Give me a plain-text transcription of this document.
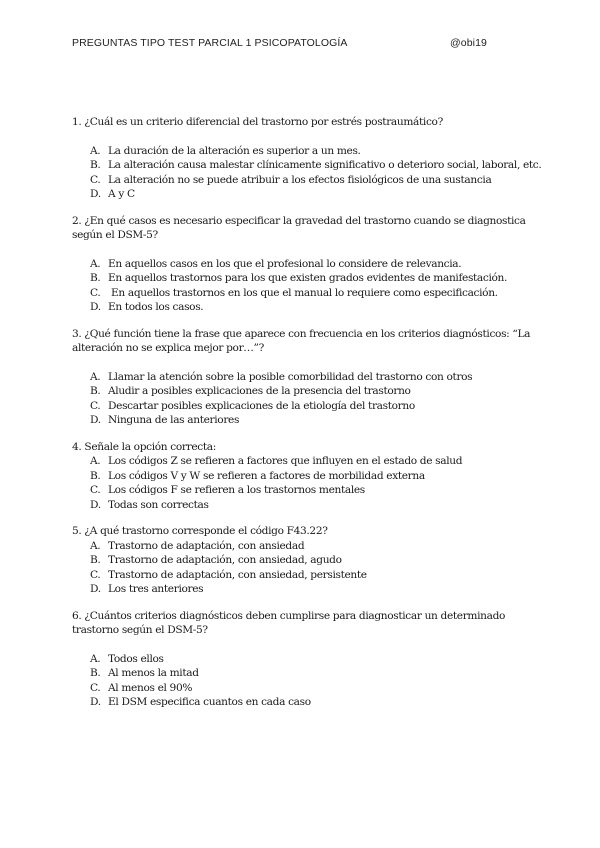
PREGUNTAS TIPO TEST PARCIAL 1 PSICOPATOLOGÍA	@obi19

1. ¿Cuál es un criterio diferencial del trastorno por estrés postraumático?

A. La duración de la alteración es superior a un mes.
B. La alteración causa malestar clínicamente significativo o deterioro social, laboral, etc.
C. La alteración no se puede atribuir a los efectos fisiológicos de una sustancia
D. A y C

2. ¿En qué casos es necesario especificar la gravedad del trastorno cuando se diagnostica según el DSM-5?

A. En aquellos casos en los que el profesional lo considere de relevancia.
B. En aquellos trastornos para los que existen grados evidentes de manifestación.
C. En aquellos trastornos en los que el manual lo requiere como especificación.
D. En todos los casos.

3. ¿Qué función tiene la frase que aparece con frecuencia en los criterios diagnósticos: “La alteración no se explica mejor por…”?

A. Llamar la atención sobre la posible comorbilidad del trastorno con otros
B. Aludir a posibles explicaciones de la presencia del trastorno
C. Descartar posibles explicaciones de la etiología del trastorno
D. Ninguna de las anteriores

4. Señale la opción correcta:

A. Los códigos Z se refieren a factores que influyen en el estado de salud
B. Los códigos V y W se refieren a factores de morbilidad externa
C. Los códigos F se refieren a los trastornos mentales
D. Todas son correctas

5. ¿A qué trastorno corresponde el código F43.22?

A. Trastorno de adaptación, con ansiedad
B. Trastorno de adaptación, con ansiedad, agudo
C. Trastorno de adaptación, con ansiedad, persistente
D. Los tres anteriores

6. ¿Cuántos criterios diagnósticos deben cumplirse para diagnosticar un determinado trastorno según el DSM-5?

A. Todos ellos
B. Al menos la mitad
C. Al menos el 90%
D. El DSM especifica cuantos en cada caso
